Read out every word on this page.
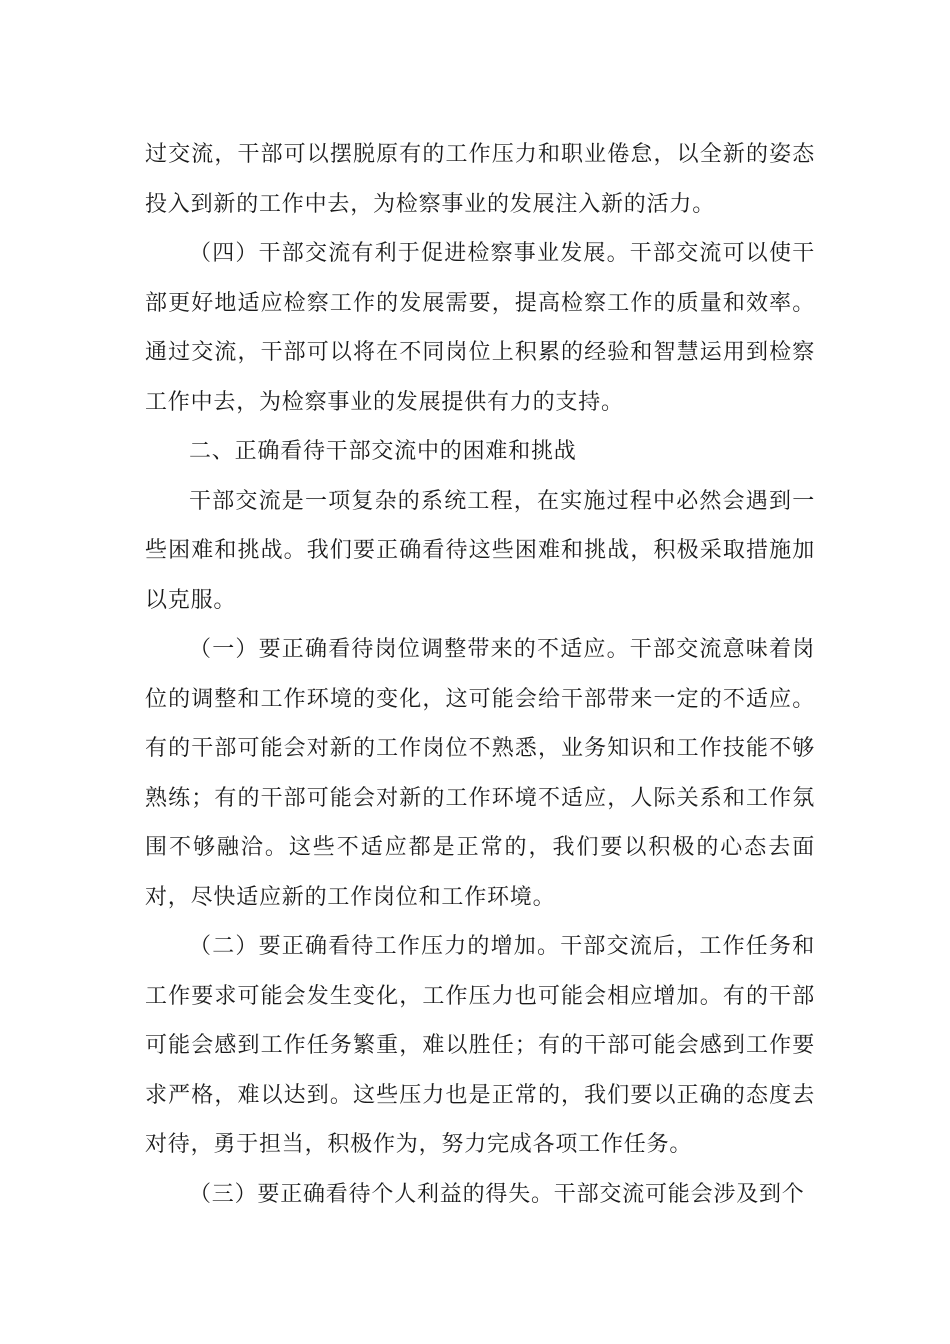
过交流，干部可以摆脱原有的工作压力和职业倦怠，以全新的姿态投入到新的工作中去，为检察事业的发展注入新的活力。

（四）干部交流有利于促进检察事业发展。干部交流可以使干部更好地适应检察工作的发展需要，提高检察工作的质量和效率。通过交流，干部可以将在不同岗位上积累的经验和智慧运用到检察工作中去，为检察事业的发展提供有力的支持。

二、正确看待干部交流中的困难和挑战

干部交流是一项复杂的系统工程，在实施过程中必然会遇到一些困难和挑战。我们要正确看待这些困难和挑战，积极采取措施加以克服。

（一）要正确看待岗位调整带来的不适应。干部交流意味着岗位的调整和工作环境的变化，这可能会给干部带来一定的不适应。有的干部可能会对新的工作岗位不熟悉，业务知识和工作技能不够熟练；有的干部可能会对新的工作环境不适应，人际关系和工作氛围不够融洽。这些不适应都是正常的，我们要以积极的心态去面对，尽快适应新的工作岗位和工作环境。

（二）要正确看待工作压力的增加。干部交流后，工作任务和工作要求可能会发生变化，工作压力也可能会相应增加。有的干部可能会感到工作任务繁重，难以胜任；有的干部可能会感到工作要求严格，难以达到。这些压力也是正常的，我们要以正确的态度去对待，勇于担当，积极作为，努力完成各项工作任务。

（三）要正确看待个人利益的得失。干部交流可能会涉及到个
